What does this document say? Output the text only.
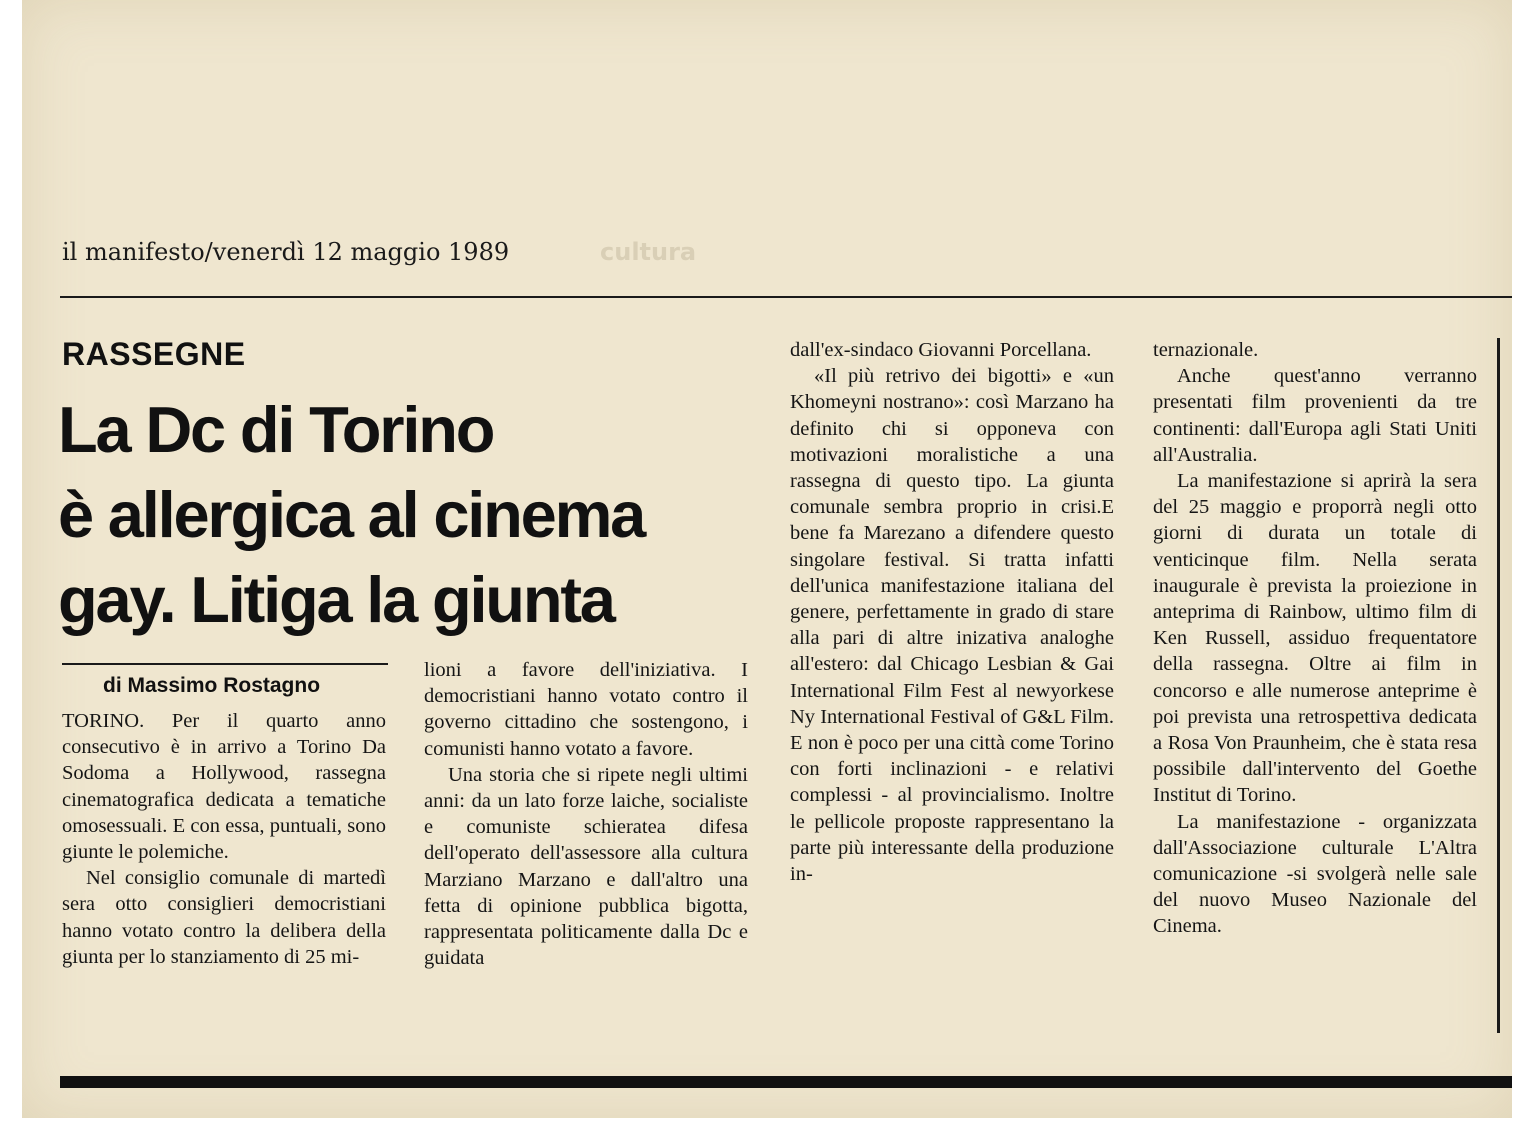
il manifesto/venerdì 12 maggio 1989	cultura
RASSEGNE
La Dc di Torino
è allergica al cinema
gay. Litiga la giunta
di Massimo Rostagno

TORINO. Per il quarto anno consecutivo è in arrivo a Torino Da Sodoma a Hollywood, rassegna cinematografica dedicata a tematiche omosessuali. E con essa, puntuali, sono giunte le polemiche.

Nel consiglio comunale di martedì sera otto consiglieri democristiani hanno votato contro la delibera della giunta per lo stanziamento di 25 mi-

lioni a favore dell'iniziativa. I democristiani hanno votato contro il governo cittadino che sostengono, i comunisti hanno votato a favore.

Una storia che si ripete negli ultimi anni: da un lato forze laiche, socialiste e comuniste schierateа difesa dell'operato dell'assessore alla cultura Marziano Marzano e dall'altro una fetta di opinione pubblica bigotta, rappresentata politicamente dalla Dc e guidata

dall'ex-sindaco Giovanni Porcellana.

«Il più retrivo dei bigotti» e «un Khomeyni nostrano»: così Marzano ha definito chi si opponeva con motivazioni moralistiche a una rassegna di questo tipo. La giunta comunale sembra proprio in crisi.E bene fa Marezano a difendere questo singolare festival. Si tratta infatti dell'unica manifestazione italiana del genere, perfettamente in grado di stare alla pari di altre inizativa analoghe all'estero: dal Chicago Lesbian & Gai International Film Fest al newyorkese Ny International Festival of G&L Film. E non è poco per una città come Torino con forti inclinazioni - e relativi complessi - al provincialismo. Inoltre le pellicole proposte rappresentano la parte più interessante della produzione in-

ternazionale.

Anche quest'anno verranno presentati film provenienti da tre continenti: dall'Europa agli Stati Uniti all'Australia.

La manifestazione si aprirà la sera del 25 maggio e proporrà negli otto giorni di durata un totale di venticinque film. Nella serata inaugurale è prevista la proiezione in anteprima di Rainbow, ultimo film di Ken Russell, assiduo frequentatore della rassegna. Oltre ai film in concorso e alle numerose anteprime è poi prevista una retrospettiva dedicata a Rosa Von Praunheim, che è stata resa possibile dall'intervento del Goethe Institut di Torino.

La manifestazione - organizzata dall'Associazione culturale L'Altra comunicazione -si svolgerà nelle sale del nuovo Museo Nazionale del Cinema.
